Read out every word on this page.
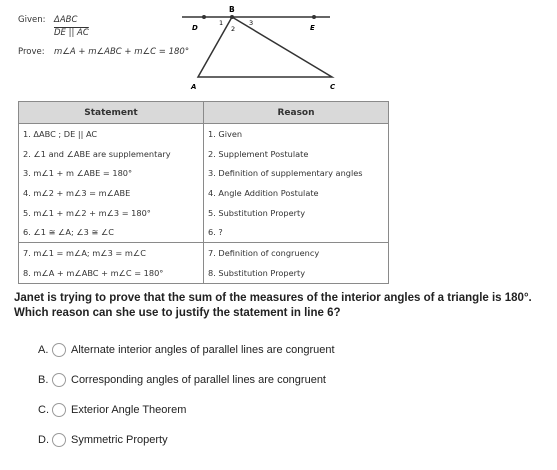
Given: ΔABC
DE || AC
Prove: m∠A + m∠ABC + m∠C = 180°
B
D	E
A	C
1
2
3
Statement	Reason
1. ΔABC ; DE || AC	1. Given
2. ∠1 and ∠ABE are supplementary	2. Supplement Postulate
3. m∠1 + m ∠ABE = 180°	3. Definition of supplementary angles
4. m∠2 + m∠3 = m∠ABE	4. Angle Addition Postulate
5. m∠1 + m∠2 + m∠3 = 180°	5. Substitution Property
6. ∠1 ≅ ∠A; ∠3 ≅ ∠C	6. ?
7. m∠1 = m∠A; m∠3 = m∠C	7. Definition of congruency
8. m∠A + m∠ABC + m∠C = 180°	8. Substitution Property
Janet is trying to prove that the sum of the measures of the interior angles of a triangle is 180°. Which reason can she use to justify the statement in line 6?
A.	Alternate interior angles of parallel lines are congruent
B.	Corresponding angles of parallel lines are congruent
C. Exterior Angle Theorem
D. Symmetric Property
